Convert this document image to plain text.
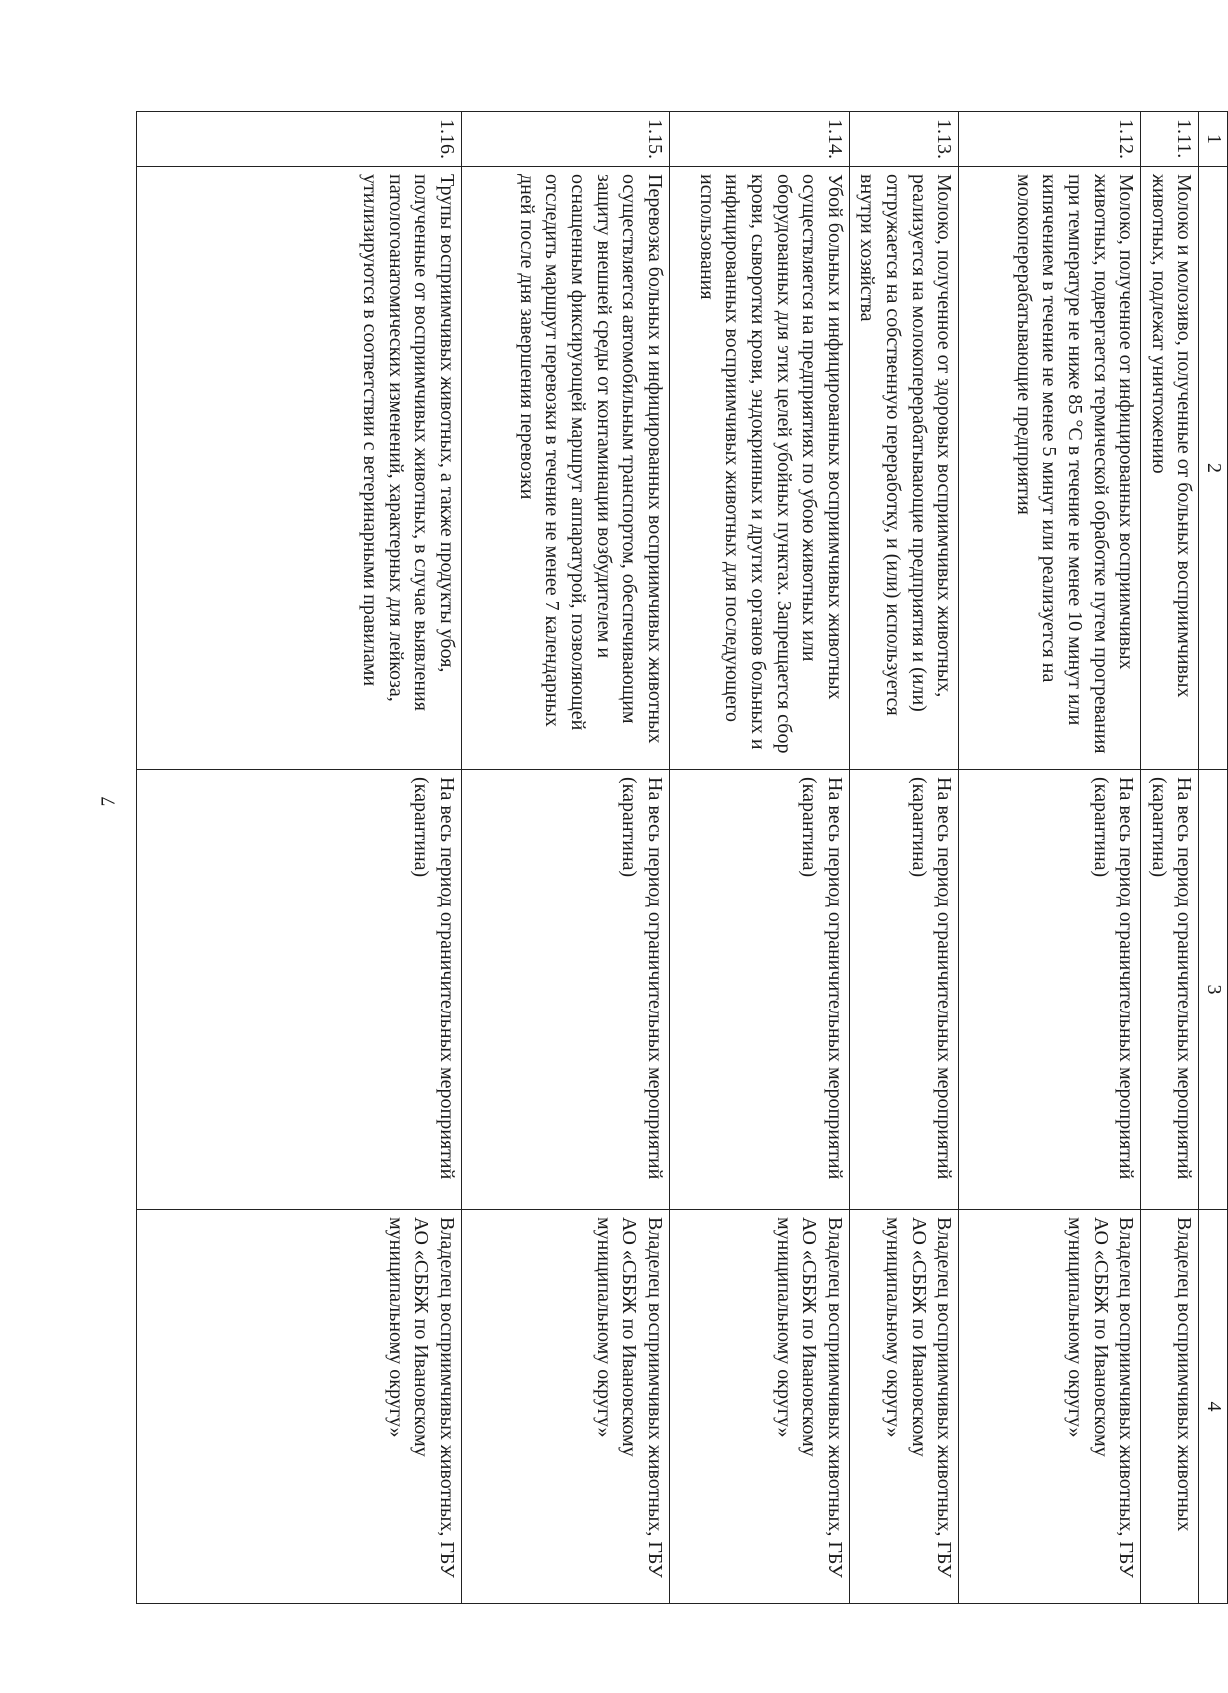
7
1	2	3	4
1.11.	Молоко и молозиво, полученные от больных восприимчивых животных, подлежат уничтожению	На весь период ограничительных мероприятий (карантина)	Владелец восприимчивых животных
1.12.	Молоко, полученное от инфицированных восприимчивых животных, подвергается термической обработке путем прогревания при температуре не ниже 85 °С в течение не менее 10 минут или кипячением в течение не менее 5 минут или реализуется на молокоперерабатывающие предприятия	На весь период ограничительных мероприятий (карантина)	Владелец восприимчивых животных, ГБУ АО «СББЖ по Ивановскому муниципальному округу»
1.13.	Молоко, полученное от здоровых восприимчивых животных, реализуется на молокоперерабатывающие предприятия и (или) отгружается на собственную переработку, и (или) используется внутри хозяйства	На весь период ограничительных мероприятий (карантина)	Владелец восприимчивых животных, ГБУ АО «СББЖ по Ивановскому муниципальному округу»
1.14.	Убой больных и инфицированных восприимчивых животных осуществляется на предприятиях по убою животных или оборудованных для этих целей убойных пунктах. Запрещается сбор крови, сыворотки крови, эндокринных и других органов больных и инфицированных восприимчивых животных для последующего использования	На весь период ограничительных мероприятий (карантина)	Владелец восприимчивых животных, ГБУ АО «СББЖ по Ивановскому муниципальному округу»
1.15.	Перевозка больных и инфицированных восприимчивых животных осуществляется автомобильным транспортом, обеспечивающим защиту внешней среды от контаминации возбудителем и оснащенным фиксирующей маршрут аппаратурой, позволяющей отследить маршрут перевозки в течение не менее 7 календарных дней после дня завершения перевозки	На весь период ограничительных мероприятий (карантина)	Владелец восприимчивых животных, ГБУ АО «СББЖ по Ивановскому муниципальному округу»
1.16.	Трупы восприимчивых животных, а также продукты убоя, полученные от восприимчивых животных, в случае выявления патологоанатомических изменений, характерных для лейкоза, утилизируются в соответствии с ветеринарными правилами	На весь период ограничительных мероприятий (карантина)	Владелец восприимчивых животных, ГБУ АО «СББЖ по Ивановскому муниципальному округу»
